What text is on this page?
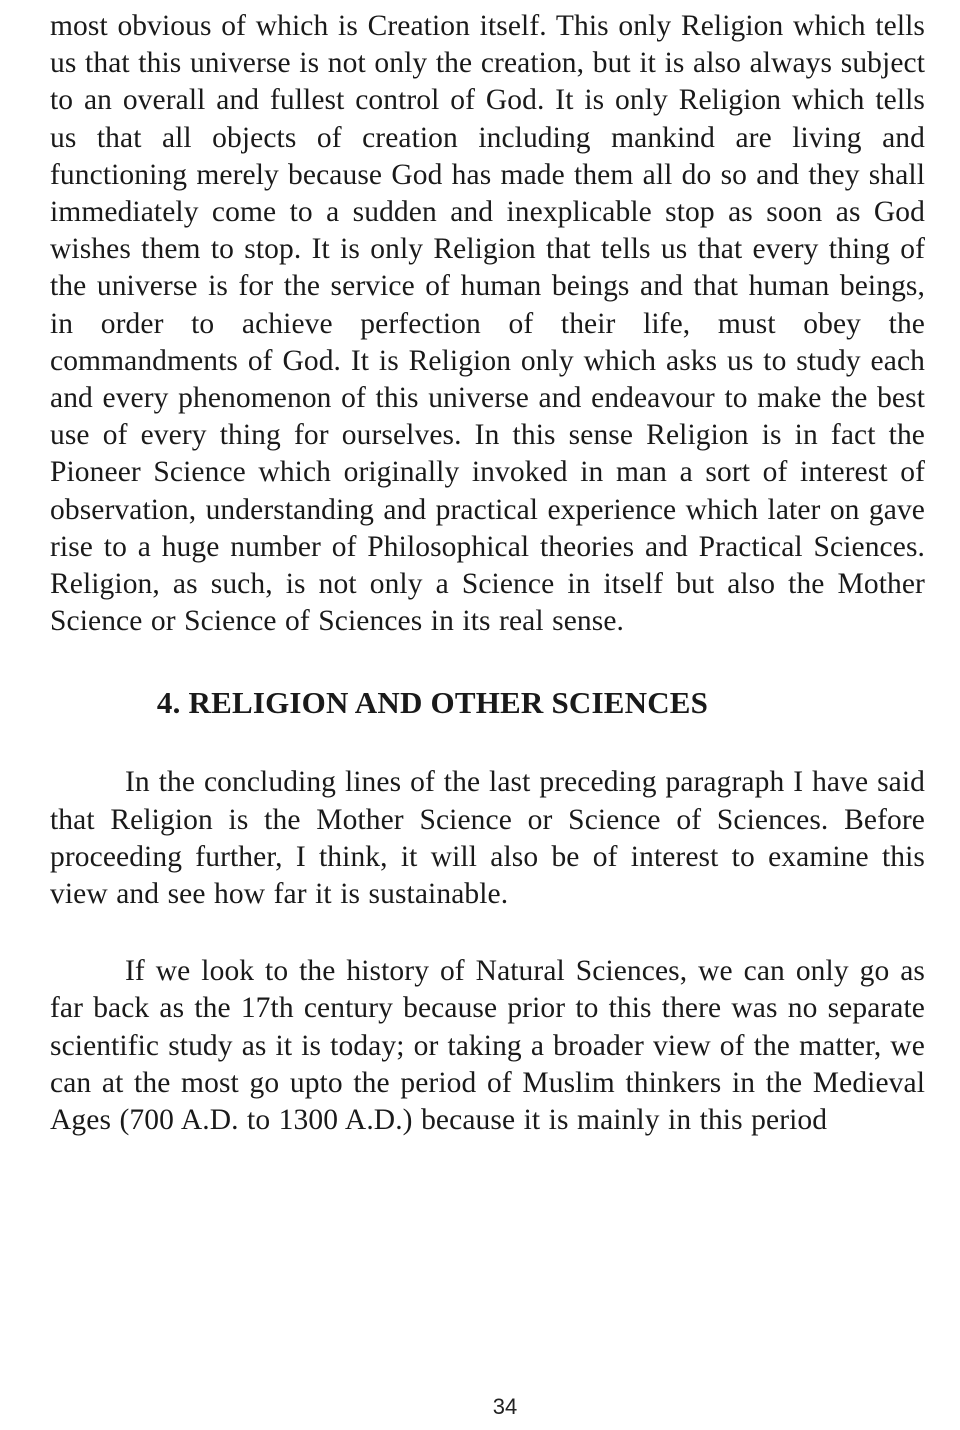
most obvious of which is Creation itself. This only Religion which tells us that this universe is not only the creation, but it is also always subject to an overall and fullest control of God. It is only Religion which tells us that all objects of creation including mankind are living and functioning merely because God has made them all do so and they shall immediately come to a sudden and inexplicable stop as soon as God wishes them to stop. It is only Religion that tells us that every thing of the universe is for the service of human beings and that human beings, in order to achieve perfection of their life, must obey the commandments of God. It is Religion only which asks us to study each and every phenomenon of this universe and endeavour to make the best use of every thing for ourselves. In this sense Religion is in fact the Pioneer Science which originally invoked in man a sort of interest of observation, understanding and practical experience which later on gave rise to a huge number of Philosophical theories and Practical Sciences. Religion, as such, is not only a Science in itself but also the Mother Science or Science of Sciences in its real sense.

4. RELIGION AND OTHER SCIENCES

In the concluding lines of the last preceding paragraph I have said that Religion is the Mother Science or Science of Sciences. Before proceeding further, I think, it will also be of interest to examine this view and see how far it is sustainable.

If we look to the history of Natural Sciences, we can only go as far back as the 17th century because prior to this there was no separate scientific study as it is today; or taking a broader view of the matter, we can at the most go upto the period of Muslim thinkers in the Medieval Ages (700 A.D. to 1300 A.D.) because it is mainly in this period

34
